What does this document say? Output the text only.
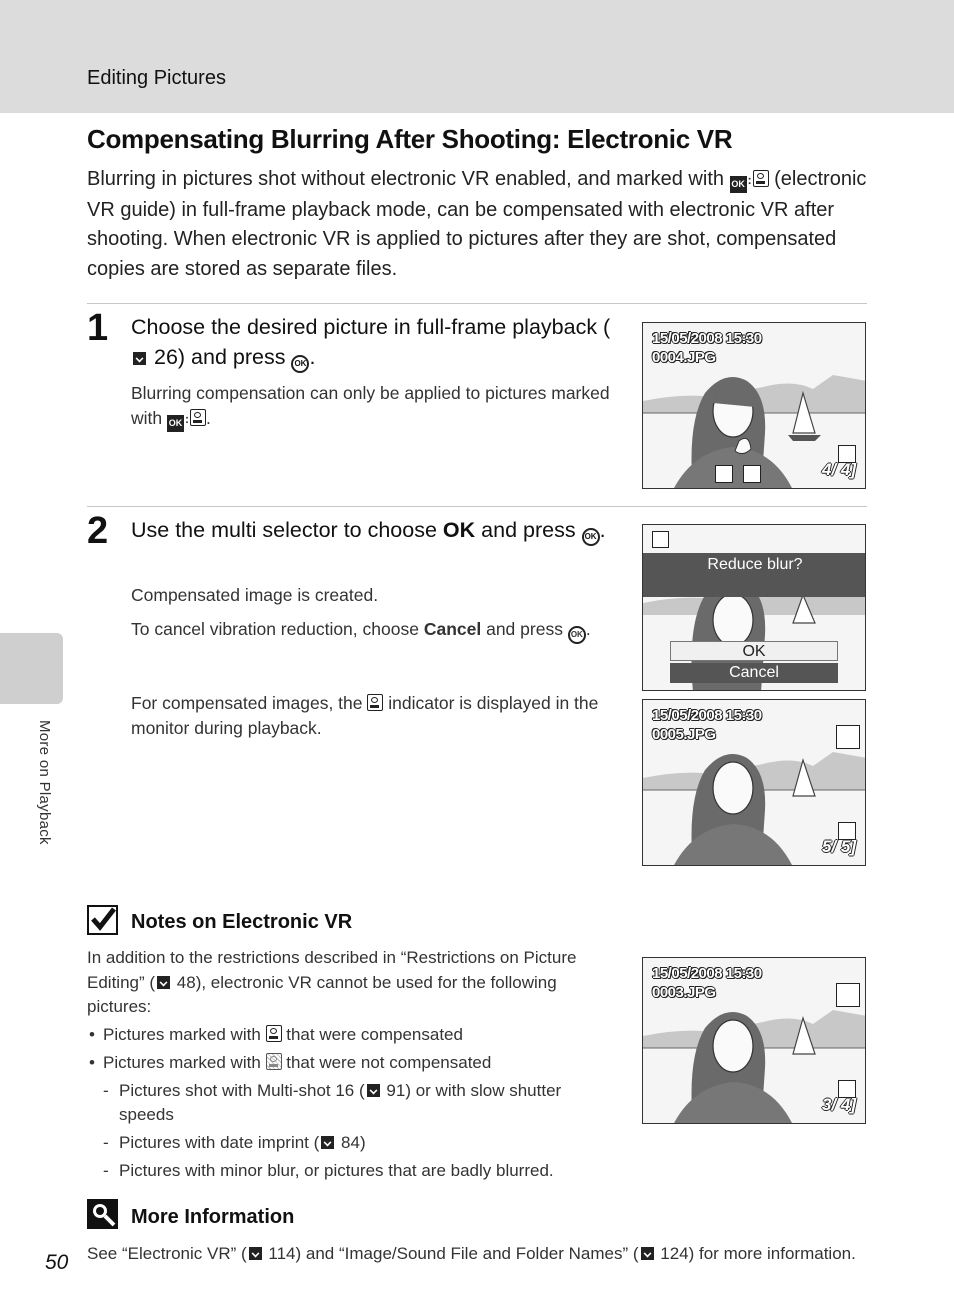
Editing Pictures
Compensating Blurring After Shooting: Electronic VR

Blurring in pictures shot without electronic VR enabled, and marked with OK : (electronic VR guide) in full-frame playback mode, can be compensated with electronic VR after shooting. When electronic VR is applied to pictures after they are shot, compensated copies are stored as separate files.

1 Choose the desired picture in full-frame playback ( 26) and press OK .

Blurring compensation can only be applied to pictures marked with OK : .

15/05/2008 15:30
0004.JPG
4/ 4]
2 Use the multi selector to choose OK and press OK .

Compensated image is created.

To cancel vibration reduction, choose Cancel and press OK .

For compensated images, the indicator is displayed in the monitor during playback.

Reduce blur?
OK
Cancel
15/05/2008 15:30
0005.JPG
5/ 5]
Notes on Electronic VR

In addition to the restrictions described in “Restrictions on Picture Editing” ( 48), electronic VR cannot be used for the following pictures:

• Pictures marked with that were compensated
• Pictures marked with that were not compensated
- Pictures shot with Multi-shot 16 ( 91) or with slow shutter speeds
- Pictures with date imprint ( 84)
- Pictures with minor blur, or pictures that are badly blurred.
15/05/2008 15:30
0003.JPG
3/ 4]
More Information

See “Electronic VR” ( 114) and “Image/Sound File and Folder Names” ( 124) for more information.

More on Playback
50
